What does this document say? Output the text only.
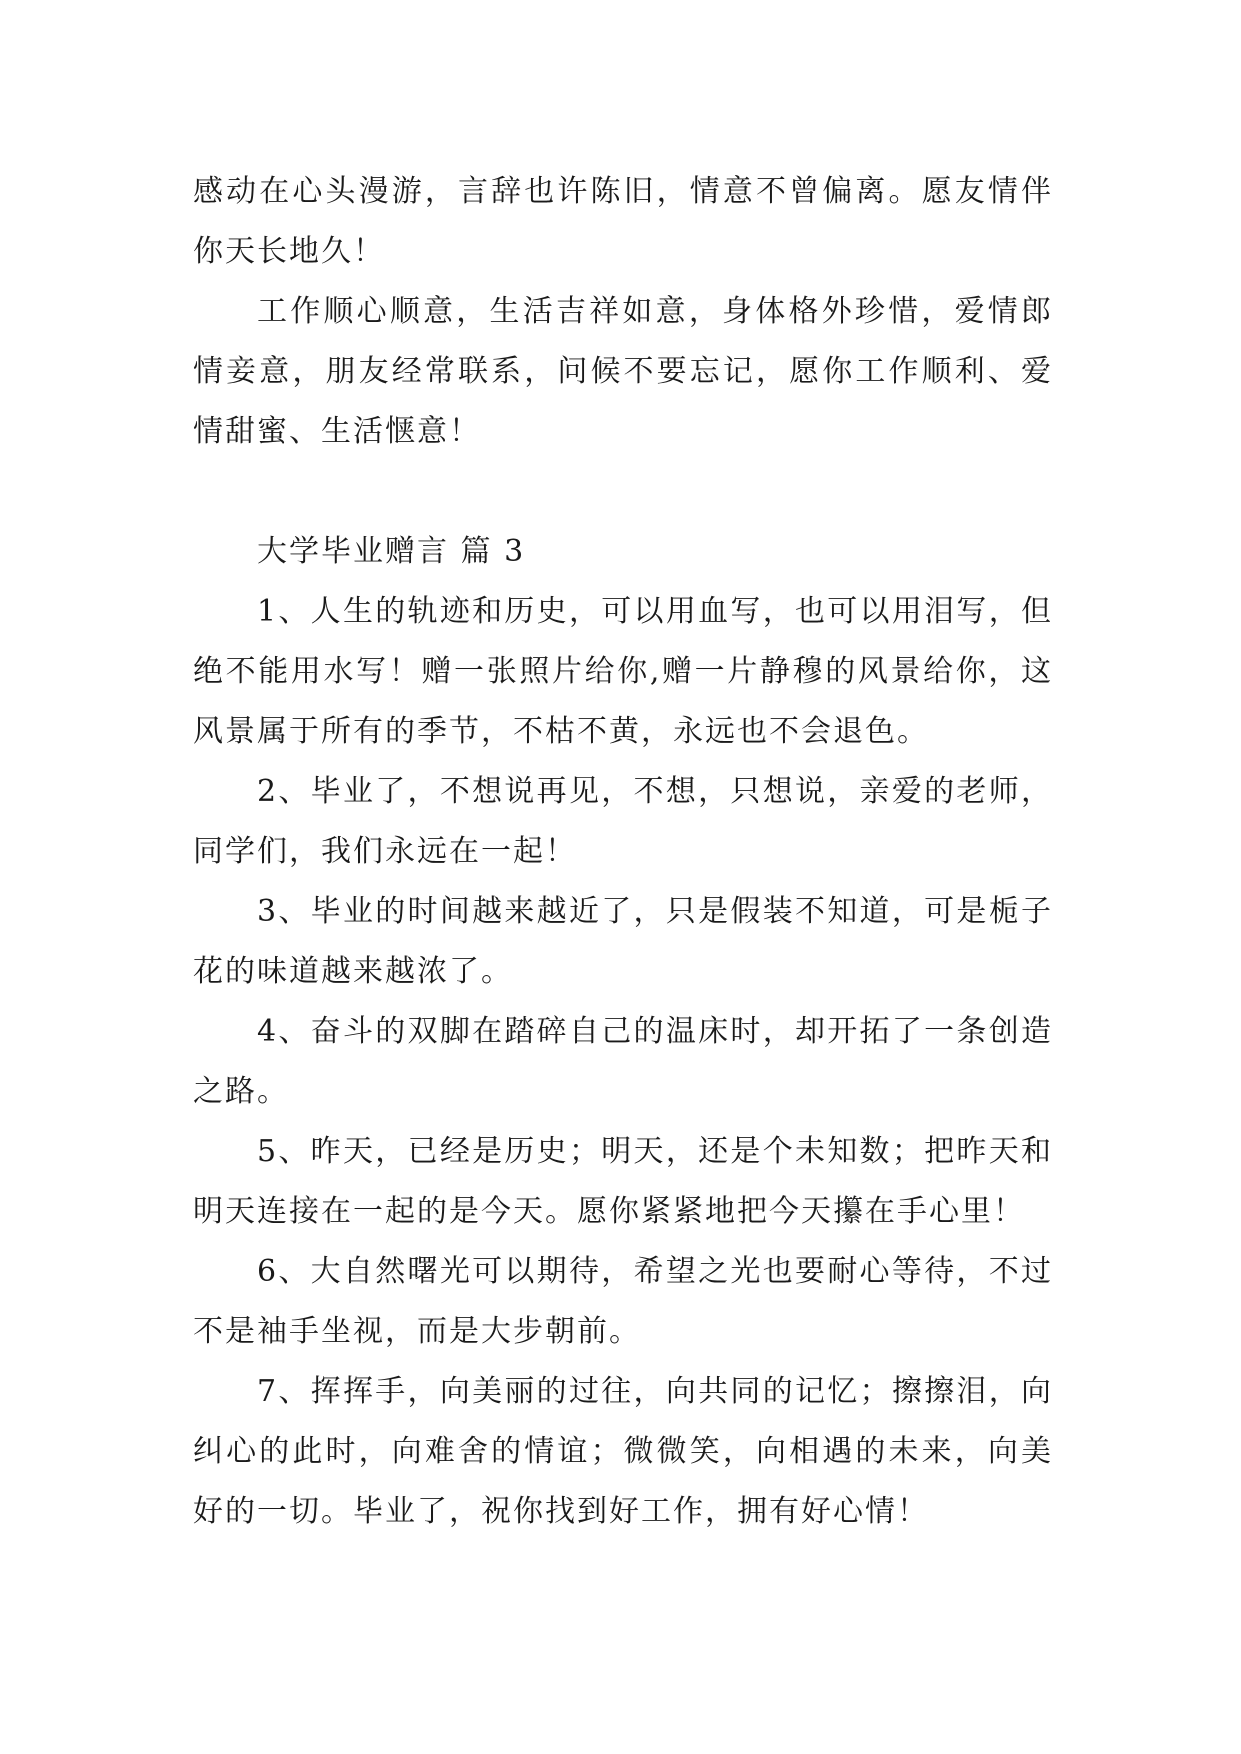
感动在心头漫游，言辞也许陈旧，情意不曾偏离。愿友情伴你天长地久！

工作顺心顺意，生活吉祥如意，身体格外珍惜，爱情郎情妾意，朋友经常联系，问候不要忘记，愿你工作顺利、爱情甜蜜、生活惬意！

大学毕业赠言 篇 3

1、人生的轨迹和历史，可以用血写，也可以用泪写，但绝不能用水写！赠一张照片给你,赠一片静穆的风景给你，这风景属于所有的季节，不枯不黄，永远也不会退色。

2、毕业了，不想说再见，不想，只想说，亲爱的老师，同学们，我们永远在一起！

3、毕业的时间越来越近了，只是假装不知道，可是栀子花的味道越来越浓了。

4、奋斗的双脚在踏碎自己的温床时，却开拓了一条创造之路。

5、昨天，已经是历史；明天，还是个未知数；把昨天和明天连接在一起的是今天。愿你紧紧地把今天攥在手心里！

6、大自然曙光可以期待，希望之光也要耐心等待，不过不是袖手坐视，而是大步朝前。

7、挥挥手，向美丽的过往，向共同的记忆；擦擦泪，向纠心的此时，向难舍的情谊；微微笑，向相遇的未来，向美好的一切。毕业了，祝你找到好工作，拥有好心情！
